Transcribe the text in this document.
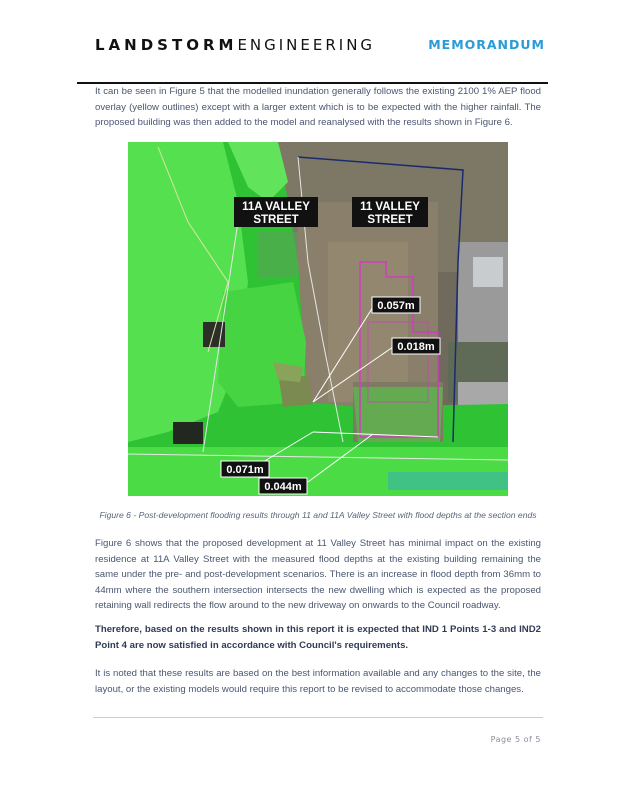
LANDSTORMENGINEERING	MEMORANDUM

It can be seen in Figure 5 that the modelled inundation generally follows the existing 2100 1% AEP flood overlay (yellow outlines) except with a larger extent which is to be expected with the higher rainfall. The proposed building was then added to the model and reanalysed with the results shown in Figure 6.

11A VALLEY
STREET
11 VALLEY
STREET
0.057m
0.018m
0.071m
0.044m
Figure 6 - Post-development flooding results through 11 and 11A Valley Street with flood depths at the section ends

Figure 6 shows that the proposed development at 11 Valley Street has minimal impact on the existing residence at 11A Valley Street with the measured flood depths at the existing building remaining the same under the pre- and post-development scenarios. There is an increase in flood depth from 36mm to 44mm where the southern intersection intersects the new dwelling which is expected as the proposed retaining wall redirects the flow around to the new driveway on onwards to the Council roadway.

Therefore, based on the results shown in this report it is expected that IND 1 Points 1-3 and IND2 Point 4 are now satisfied in accordance with Council's requirements.

It is noted that these results are based on the best information available and any changes to the site, the layout, or the existing models would require this report to be revised to accommodate those changes.

Page 5 of 5
